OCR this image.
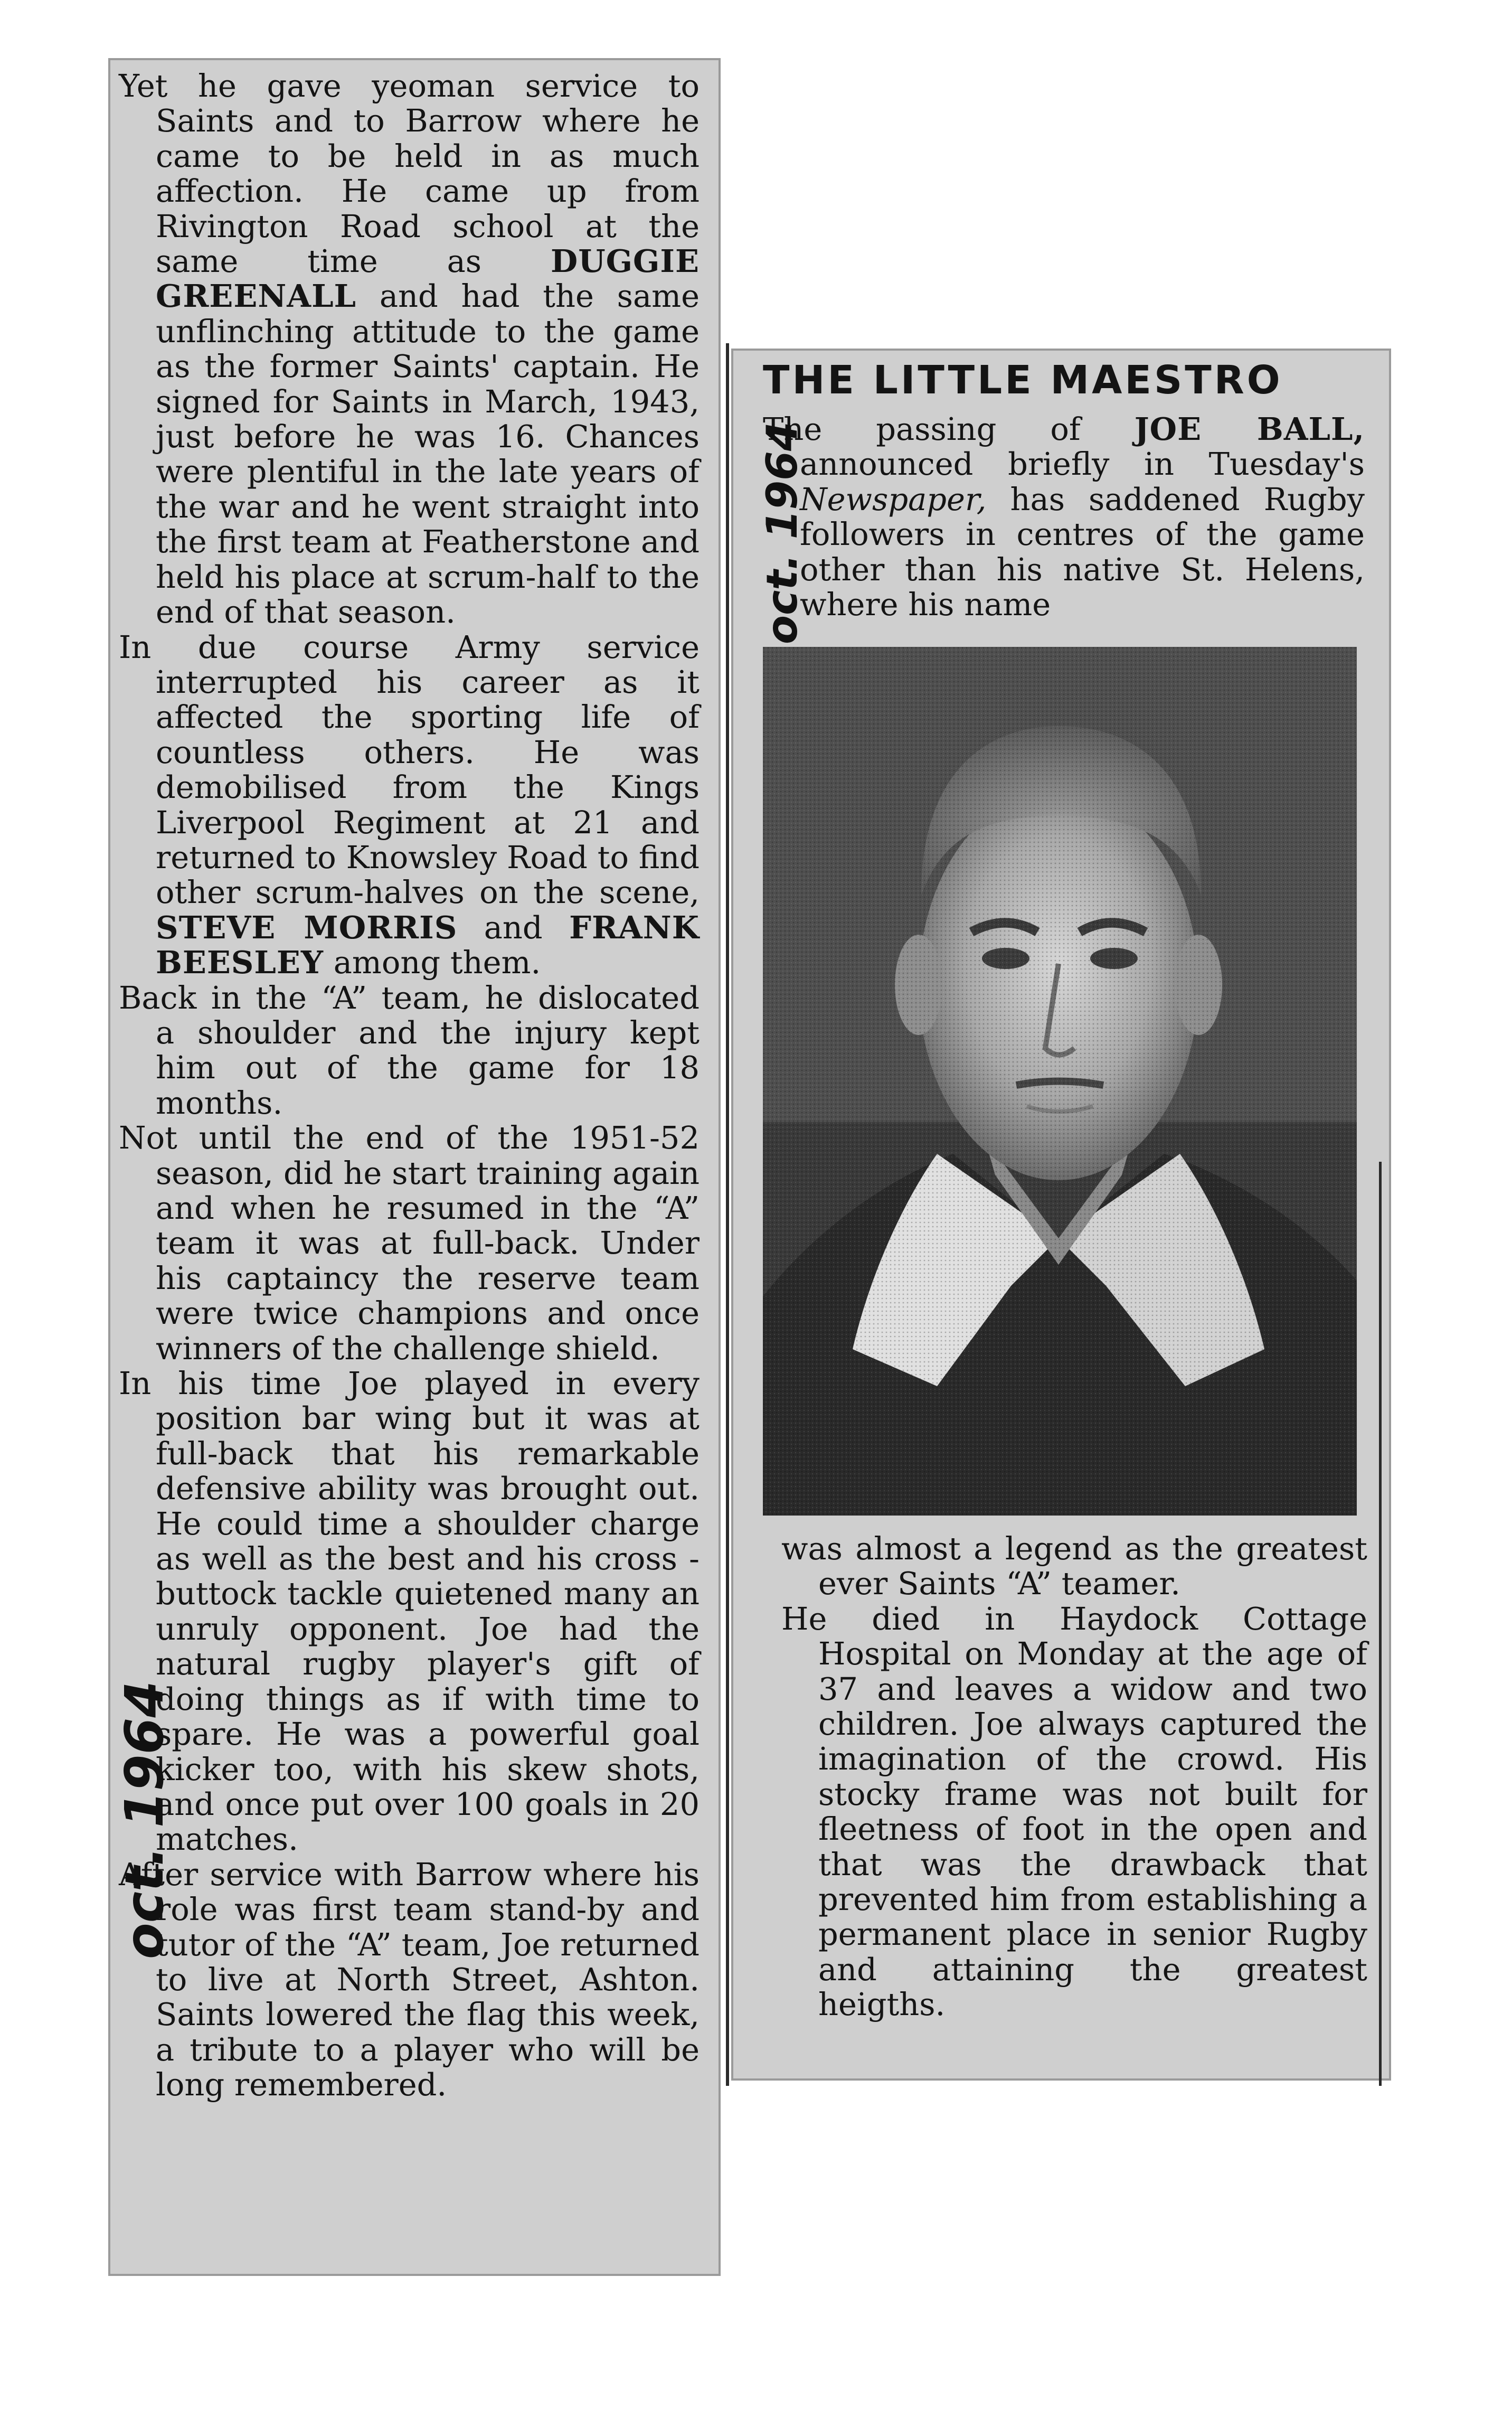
Yet he gave yeoman service to Saints and to Barrow where he came to be held in as much affection. He came up from Rivington Road school at the same time as DUGGIE GREENALL and had the same unflinching attitude to the game as the former Saints' captain. He signed for Saints in March, 1943, just before he was 16. Chances were plentiful in the late years of the war and he went straight into the first team at Featherstone and held his place at scrum-half to the end of that season.

In due course Army service interrupted his career as it affected the sporting life of countless others. He was demobilised from the Kings Liverpool Regiment at 21 and returned to Knowsley Road to find other scrum-halves on the scene, STEVE MORRIS and FRANK BEESLEY among them.

Back in the “A” team, he dislocated a shoulder and the injury kept him out of the game for 18 months.

Not until the end of the 1951-52 season, did he start training again and when he resumed in the “A” team it was at full-back. Under his captaincy the reserve team were twice champions and once winners of the challenge shield.

In his time Joe played in every position bar wing but it was at full-back that his remarkable defensive ability was brought out. He could time a shoulder charge as well as the best and his cross - buttock tackle quietened many an unruly opponent. Joe had the natural rugby player's gift of doing things as if with time to spare. He was a powerful goal kicker too, with his skew shots, and once put over 100 goals in 20 matches.

After service with Barrow where his role was first team stand-by and tutor of the “A” team, Joe returned to live at North Street, Ashton. Saints lowered the flag this week, a tribute to a player who will be long remembered.

oct. 1964
THE LITTLE MAESTRO

The passing of JOE BALL, announced briefly in Tuesday's Newspaper, has saddened Rugby followers in centres of the game other than his native St. Helens, where his name

was almost a legend as the greatest ever Saints “A” teamer.

He died in Haydock Cottage Hospital on Monday at the age of 37 and leaves a widow and two children. Joe always captured the imagination of the crowd. His stocky frame was not built for fleetness of foot in the open and that was the drawback that prevented him from establishing a permanent place in senior Rugby and attaining the greatest heigths.

oct. 1964
